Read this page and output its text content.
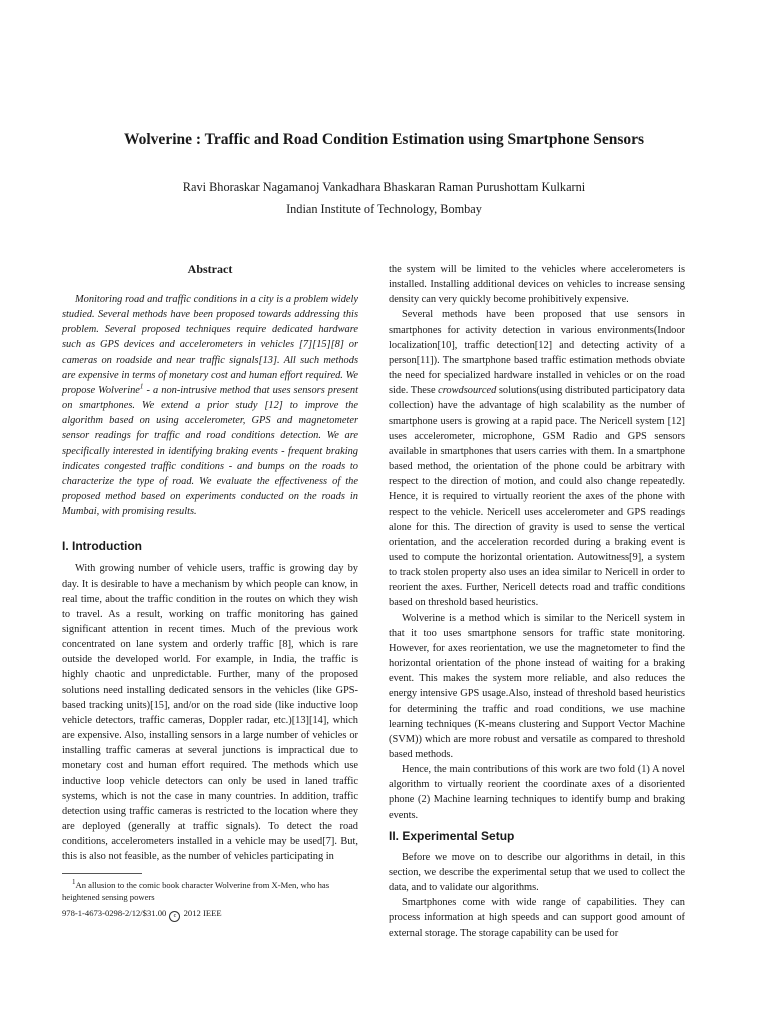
Wolverine : Traffic and Road Condition Estimation using Smartphone Sensors
Ravi Bhoraskar Nagamanoj Vankadhara Bhaskaran Raman Purushottam Kulkarni
Indian Institute of Technology, Bombay
Abstract

Monitoring road and traffic conditions in a city is a problem widely studied. Several methods have been proposed towards addressing this problem. Several proposed techniques require dedicated hardware such as GPS devices and accelerometers in vehicles [7][15][8] or cameras on roadside and near traffic signals[13]. All such methods are expensive in terms of monetary cost and human effort required. We propose Wolverine$^1$ - a non-intrusive method that uses sensors present on smartphones. We extend a prior study [12] to improve the algorithm based on using accelerometer, GPS and magnetometer sensor readings for traffic and road conditions detection. We are specifically interested in identifying braking events - frequent braking indicates congested traffic conditions - and bumps on the roads to characterize the type of road. We evaluate the effectiveness of the proposed method based on experiments conducted on the roads in Mumbai, with promising results.

I. Introduction

With growing number of vehicle users, traffic is growing day by day. It is desirable to have a mechanism by which people can know, in real time, about the traffic condition in the routes on which they wish to travel. As a result, working on traffic monitoring has gained significant attention in recent times. Much of the previous work concentrated on lane system and orderly traffic [8], which is rare outside the developed world. For example, in India, the traffic is highly chaotic and unpredictable. Further, many of the proposed solutions need installing dedicated sensors in the vehicles (like GPS-based tracking units)[15], and/or on the road side (like inductive loop vehicle detectors, traffic cameras, Doppler radar, etc.)[13][14], which are expensive. Also, installing sensors in a large number of vehicles or installing traffic cameras at several junctions is impractical due to monetary cost and human effort required. The methods which use inductive loop vehicle detectors can only be used in laned traffic systems, which is not the case in many countries. In addition, traffic detection using traffic cameras is restricted to the location where they are deployed (generally at traffic signals). To detect the road conditions, accelerometers installed in a vehicle may be used[7]. But, this is also not feasible, as the number of vehicles participating in

the system will be limited to the vehicles where accelerometers is installed. Installing additional devices on vehicles to increase sensing density can very quickly become prohibitively expensive.

Several methods have been proposed that use sensors in smartphones for activity detection in various environments(Indoor localization[10], traffic detection[12] and detecting activity of a person[11]). The smartphone based traffic estimation methods obviate the need for specialized hardware installed in vehicles or on the road side. These crowdsourced solutions(using distributed participatory data collection) have the advantage of high scalability as the number of smartphone users is growing at a rapid pace. The Nericell system [12] uses accelerometer, microphone, GSM Radio and GPS sensors available in smartphones that users carries with them. In a smartphone based method, the orientation of the phone could be arbitrary with respect to the direction of motion, and could also change repeatedly. Hence, it is required to virtually reorient the axes of the phone with respect to the vehicle. Nericell uses accelerometer and GPS readings alone for this. The direction of gravity is used to sense the vertical orientation, and the acceleration recorded during a braking event is used to compute the horizontal orientation. Autowitness[9], a system to track stolen property also uses an idea similar to Nericell in order to reorient the axes. Further, Nericell detects road and traffic conditions based on threshold based heuristics.

Wolverine is a method which is similar to the Nericell system in that it too uses smartphone sensors for traffic state monitoring. However, for axes reorientation, we use the magnetometer to find the horizontal orientation of the phone instead of waiting for a braking event. This makes the system more reliable, and also reduces the energy intensive GPS usage.Also, instead of threshold based heuristics for determining the traffic and road conditions, we use machine learning techniques (K-means clustering and Support Vector Machine (SVM)) which are more robust and versatile as compared to threshold based methods.

Hence, the main contributions of this work are two fold (1) A novel algorithm to virtually reorient the coordinate axes of a disoriented phone (2) Machine learning techniques to identify bump and braking events.

II. Experimental Setup

Before we move on to describe our algorithms in detail, in this section, we describe the experimental setup that we used to collect the data, and to validate our algorithms.

Smartphones come with wide range of capabilities. They can process information at high speeds and can support good amount of external storage. The storage capability can be used for

$^1$An allusion to the comic book character Wolverine from X-Men, who has heightened sensing powers
978-1-4673-0298-2/12/$31.00 c 2012 IEEE
